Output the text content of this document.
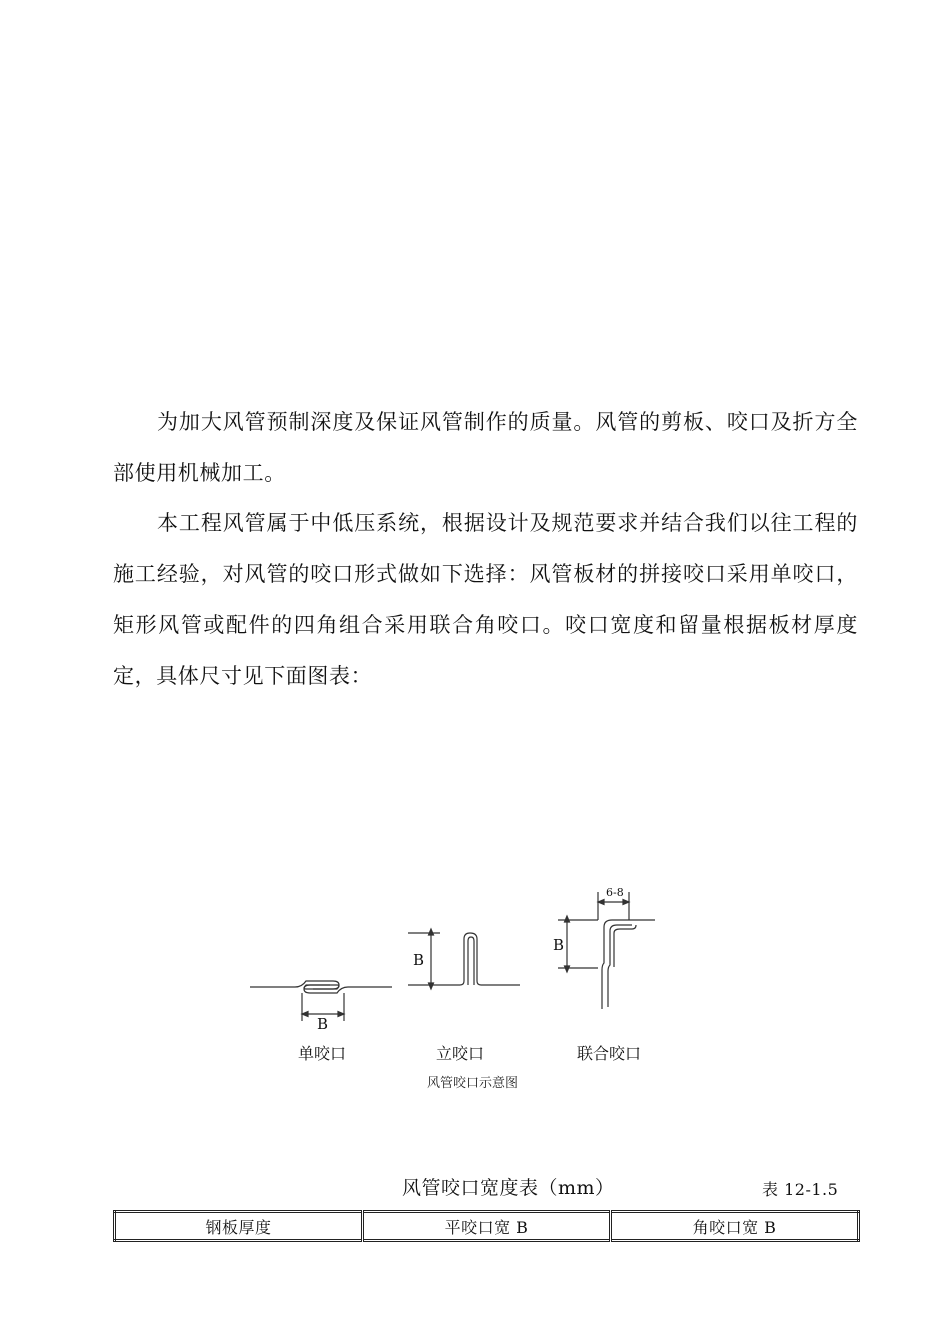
为加大风管预制深度及保证风管制作的质量。风管的剪板、咬口及折方全部使用机械加工。

本工程风管属于中低压系统，根据设计及规范要求并结合我们以往工程的施工经验，对风管的咬口形式做如下选择：风管板材的拼接咬口采用单咬口，矩形风管或配件的四角组合采用联合角咬口。咬口宽度和留量根据板材厚度定，具体尺寸见下面图表：

B
B
B
6-8
单咬口	立咬口	联合咬口
风管咬口示意图
风管咬口宽度表（mm）	表 12-1.5
钢板厚度	平咬口宽 B	角咬口宽 B
